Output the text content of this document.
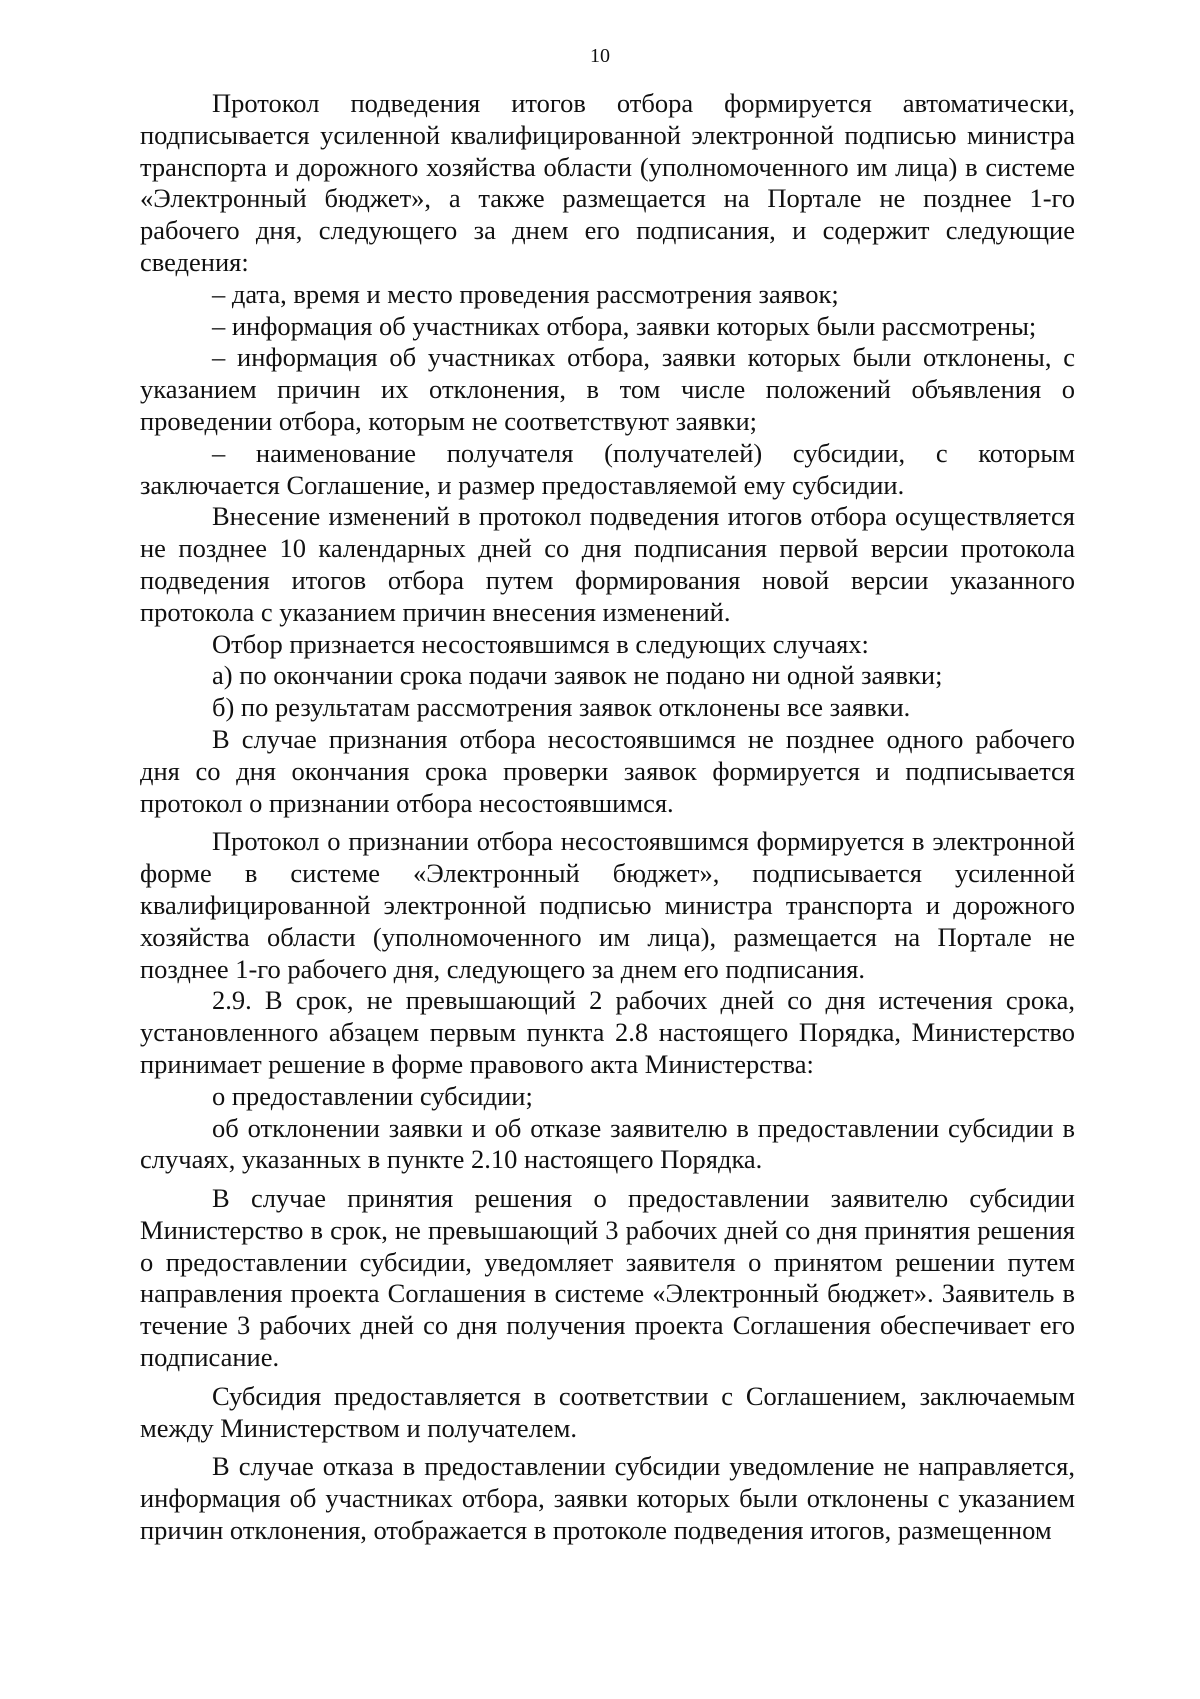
10

Протокол подведения итогов отбора формируется автоматически, подписывается усиленной квалифицированной электронной подписью министра транспорта и дорожного хозяйства области (уполномоченного им лица) в системе «Электронный бюджет», а также размещается на Портале не позднее 1-го рабочего дня, следующего за днем его подписания, и содержит следующие сведения:

– дата, время и место проведения рассмотрения заявок;

– информация об участниках отбора, заявки которых были рассмотрены;

– информация об участниках отбора, заявки которых были отклонены, с указанием причин их отклонения, в том числе положений объявления о проведении отбора, которым не соответствуют заявки;

– наименование получателя (получателей) субсидии, с которым заключается Соглашение, и размер предоставляемой ему субсидии.

Внесение изменений в протокол подведения итогов отбора осуществляется не позднее 10 календарных дней со дня подписания первой версии протокола подведения итогов отбора путем формирования новой версии указанного протокола с указанием причин внесения изменений.

Отбор признается несостоявшимся в следующих случаях:

а) по окончании срока подачи заявок не подано ни одной заявки;

б) по результатам рассмотрения заявок отклонены все заявки.

В случае признания отбора несостоявшимся не позднее одного рабочего дня со дня окончания срока проверки заявок формируется и подписывается протокол о признании отбора несостоявшимся.

Протокол о признании отбора несостоявшимся формируется в электронной форме в системе «Электронный бюджет», подписывается усиленной квалифицированной электронной подписью министра транспорта и дорожного хозяйства области (уполномоченного им лица), размещается на Портале не позднее 1-го рабочего дня, следующего за днем его подписания.

2.9. В срок, не превышающий 2 рабочих дней со дня истечения срока, установленного абзацем первым пункта 2.8 настоящего Порядка, Министерство принимает решение в форме правового акта Министерства:

о предоставлении субсидии;

об отклонении заявки и об отказе заявителю в предоставлении субсидии в случаях, указанных в пункте 2.10 настоящего Порядка.

В случае принятия решения о предоставлении заявителю субсидии Министерство в срок, не превышающий 3 рабочих дней со дня принятия решения о предоставлении субсидии, уведомляет заявителя о принятом решении путем направления проекта Соглашения в системе «Электронный бюджет». Заявитель в течение 3 рабочих дней со дня получения проекта Соглашения обеспечивает его подписание.

Субсидия предоставляется в соответствии с Соглашением, заключаемым между Министерством и получателем.

В случае отказа в предоставлении субсидии уведомление не направляется, информация об участниках отбора, заявки которых были отклонены с указанием причин отклонения, отображается в протоколе подведения итогов, размещенном
